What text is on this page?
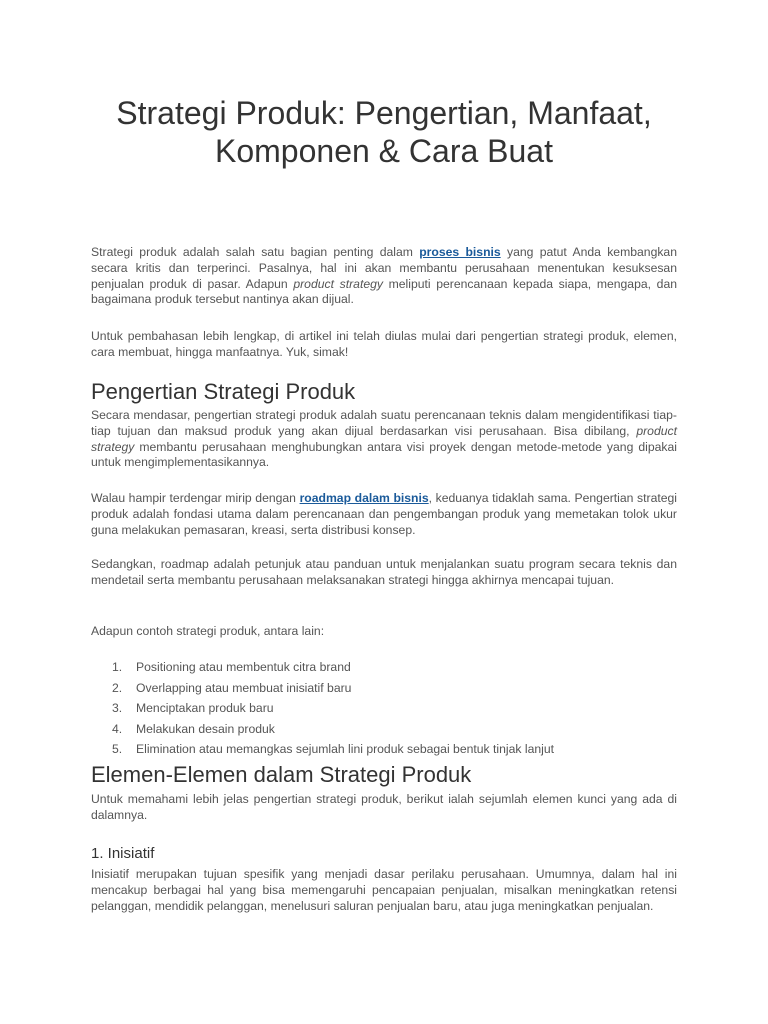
Strategi Produk: Pengertian, Manfaat,
Komponen & Cara Buat

Strategi produk adalah salah satu bagian penting dalam proses bisnis yang patut Anda kembangkan secara kritis dan terperinci. Pasalnya, hal ini akan membantu perusahaan menentukan kesuksesan penjualan produk di pasar. Adapun product strategy meliputi perencanaan kepada siapa, mengapa, dan bagaimana produk tersebut nantinya akan dijual.

Untuk pembahasan lebih lengkap, di artikel ini telah diulas mulai dari pengertian strategi produk, elemen, cara membuat, hingga manfaatnya. Yuk, simak!

Pengertian Strategi Produk

Secara mendasar, pengertian strategi produk adalah suatu perencanaan teknis dalam mengidentifikasi tiap-tiap tujuan dan maksud produk yang akan dijual berdasarkan visi perusahaan. Bisa dibilang, product strategy membantu perusahaan menghubungkan antara visi proyek dengan metode-metode yang dipakai untuk mengimplementasikannya.

Walau hampir terdengar mirip dengan roadmap dalam bisnis, keduanya tidaklah sama. Pengertian strategi produk adalah fondasi utama dalam perencanaan dan pengembangan produk yang memetakan tolok ukur guna melakukan pemasaran, kreasi, serta distribusi konsep.

Sedangkan, roadmap adalah petunjuk atau panduan untuk menjalankan suatu program secara teknis dan mendetail serta membantu perusahaan melaksanakan strategi hingga akhirnya mencapai tujuan.

Adapun contoh strategi produk, antara lain:

1. Positioning atau membentuk citra brand
2. Overlapping atau membuat inisiatif baru
3. Menciptakan produk baru
4. Melakukan desain produk
5. Elimination atau memangkas sejumlah lini produk sebagai bentuk tinjak lanjut
Elemen-Elemen dalam Strategi Produk

Untuk memahami lebih jelas pengertian strategi produk, berikut ialah sejumlah elemen kunci yang ada di dalamnya.

1. Inisiatif

Inisiatif merupakan tujuan spesifik yang menjadi dasar perilaku perusahaan. Umumnya, dalam hal ini mencakup berbagai hal yang bisa memengaruhi pencapaian penjualan, misalkan meningkatkan retensi pelanggan, mendidik pelanggan, menelusuri saluran penjualan baru, atau juga meningkatkan penjualan.
